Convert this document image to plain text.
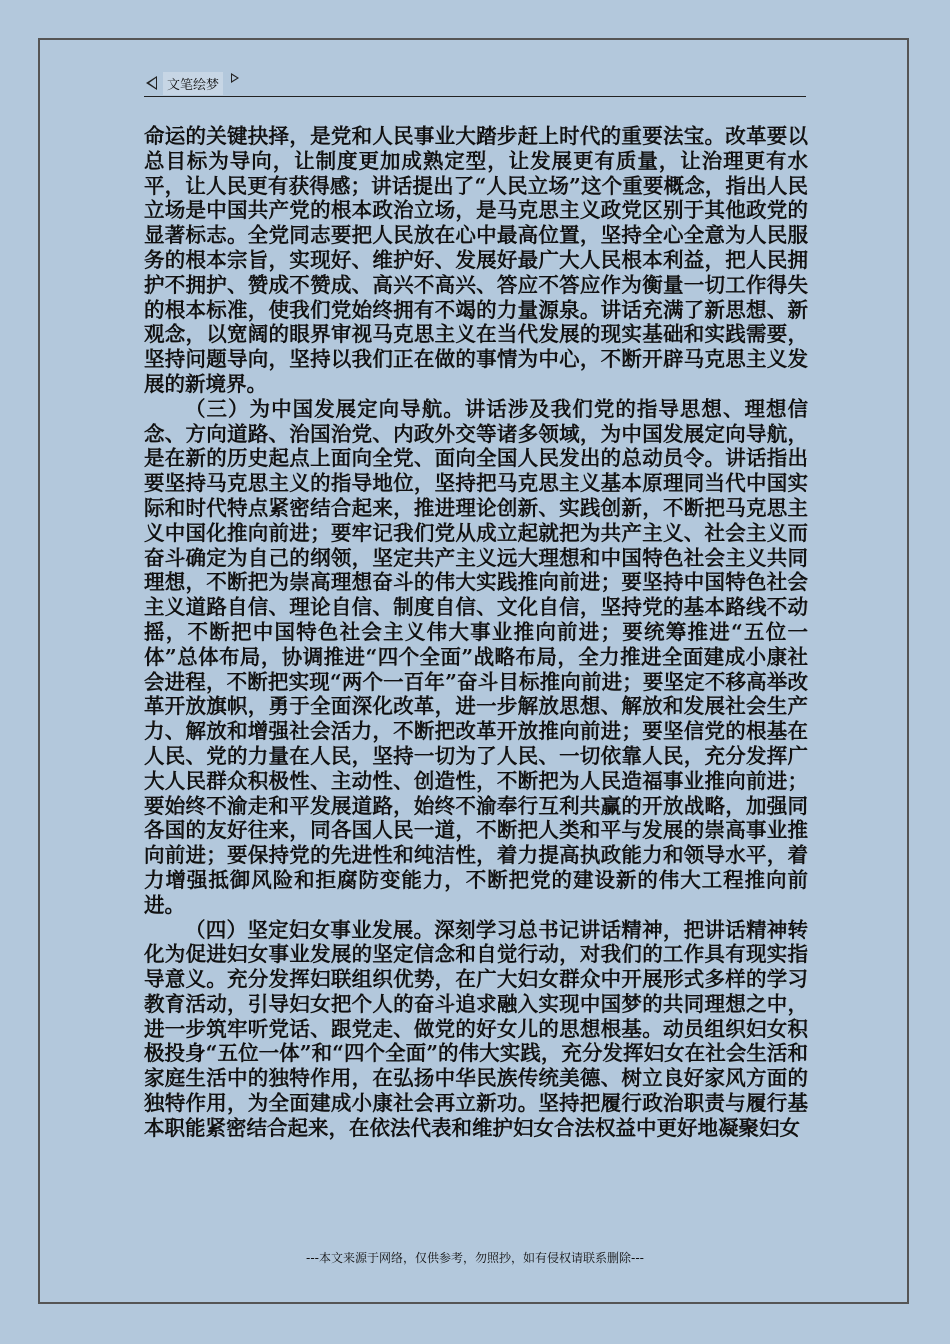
文笔绘梦

命运的关键抉择，是党和人民事业大踏步赶上时代的重要法宝。改革要以总目标为导向，让制度更加成熟定型，让发展更有质量，让治理更有水平，让人民更有获得感；讲话提出了“人民立场”这个重要概念，指出人民立场是中国共产党的根本政治立场，是马克思主义政党区别于其他政党的显著标志。全党同志要把人民放在心中最高位置，坚持全心全意为人民服务的根本宗旨，实现好、维护好、发展好最广大人民根本利益，把人民拥护不拥护、赞成不赞成、高兴不高兴、答应不答应作为衡量一切工作得失的根本标准，使我们党始终拥有不竭的力量源泉。讲话充满了新思想、新观念，以宽阔的眼界审视马克思主义在当代发展的现实基础和实践需要，坚持问题导向，坚持以我们正在做的事情为中心，不断开辟马克思主义发展的新境界。

（三）为中国发展定向导航。讲话涉及我们党的指导思想、理想信念、方向道路、治国治党、内政外交等诸多领域，为中国发展定向导航，是在新的历史起点上面向全党、面向全国人民发出的总动员令。讲话指出要坚持马克思主义的指导地位，坚持把马克思主义基本原理同当代中国实际和时代特点紧密结合起来，推进理论创新、实践创新，不断把马克思主义中国化推向前进；要牢记我们党从成立起就把为共产主义、社会主义而奋斗确定为自己的纲领，坚定共产主义远大理想和中国特色社会主义共同理想，不断把为崇高理想奋斗的伟大实践推向前进；要坚持中国特色社会主义道路自信、理论自信、制度自信、文化自信，坚持党的基本路线不动摇，不断把中国特色社会主义伟大事业推向前进；要统筹推进“五位一体”总体布局，协调推进“四个全面”战略布局，全力推进全面建成小康社会进程，不断把实现“两个一百年”奋斗目标推向前进；要坚定不移高举改革开放旗帜，勇于全面深化改革，进一步解放思想、解放和发展社会生产力、解放和增强社会活力，不断把改革开放推向前进；要坚信党的根基在人民、党的力量在人民，坚持一切为了人民、一切依靠人民，充分发挥广大人民群众积极性、主动性、创造性，不断把为人民造福事业推向前进；要始终不渝走和平发展道路，始终不渝奉行互利共赢的开放战略，加强同各国的友好往来，同各国人民一道，不断把人类和平与发展的崇高事业推向前进；要保持党的先进性和纯洁性，着力提高执政能力和领导水平，着力增强抵御风险和拒腐防变能力，不断把党的建设新的伟大工程推向前进。

（四）坚定妇女事业发展。深刻学习总书记讲话精神，把讲话精神转化为促进妇女事业发展的坚定信念和自觉行动，对我们的工作具有现实指导意义。充分发挥妇联组织优势，在广大妇女群众中开展形式多样的学习教育活动，引导妇女把个人的奋斗追求融入实现中国梦的共同理想之中，进一步筑牢听党话、跟党走、做党的好女儿的思想根基。动员组织妇女积极投身“五位一体”和“四个全面”的伟大实践，充分发挥妇女在社会生活和家庭生活中的独特作用，在弘扬中华民族传统美德、树立良好家风方面的独特作用，为全面建成小康社会再立新功。坚持把履行政治职责与履行基本职能紧密结合起来，在依法代表和维护妇女合法权益中更好地凝聚妇女

---本文来源于网络，仅供参考，勿照抄，如有侵权请联系删除---
